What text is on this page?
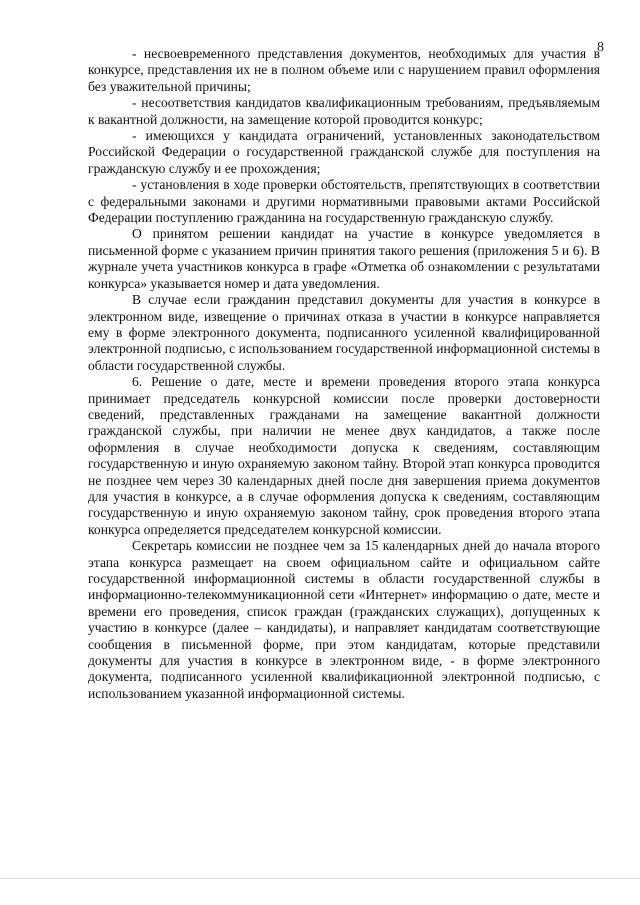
8

- несвоевременного представления документов, необходимых для участия в конкурсе, представления их не в полном объеме или с нарушением правил оформления без уважительной причины;

- несоответствия кандидатов квалификационным требованиям, предъявляемым к вакантной должности, на замещение которой проводится конкурс;

- имеющихся у кандидата ограничений, установленных законодательством Российской Федерации о государственной гражданской службе для поступления на гражданскую службу и ее прохождения;

- установления в ходе проверки обстоятельств, препятствующих в соответствии с федеральными законами и другими нормативными правовыми актами Российской Федерации поступлению гражданина на государственную гражданскую службу.

О принятом решении кандидат на участие в конкурсе уведомляется в письменной форме с указанием причин принятия такого решения (приложения 5 и 6). В журнале учета участников конкурса в графе «Отметка об ознакомлении с результатами конкурса» указывается номер и дата уведомления.

В случае если гражданин представил документы для участия в конкурсе в электронном виде, извещение о причинах отказа в участии в конкурсе направляется ему в форме электронного документа, подписанного усиленной квалифицированной электронной подписью, с использованием государственной информационной системы в области государственной службы.

6. Решение о дате, месте и времени проведения второго этапа конкурса принимает председатель конкурсной комиссии после проверки достоверности сведений, представленных гражданами на замещение вакантной должности гражданской службы, при наличии не менее двух кандидатов, а также после оформления в случае необходимости допуска к сведениям, составляющим государственную и иную охраняемую законом тайну. Второй этап конкурса проводится не позднее чем через 30 календарных дней после дня завершения приема документов для участия в конкурсе, а в случае оформления допуска к сведениям, составляющим государственную и иную охраняемую законом тайну, срок проведения второго этапа конкурса определяется председателем конкурсной комиссии.

Секретарь комиссии не позднее чем за 15 календарных дней до начала второго этапа конкурса размещает на своем официальном сайте и официальном сайте государственной информационной системы в области государственной службы в информационно-телекоммуникационной сети «Интернет» информацию о дате, месте и времени его проведения, список граждан (гражданских служащих), допущенных к участию в конкурсе (далее – кандидаты), и направляет кандидатам соответствующие сообщения в письменной форме, при этом кандидатам, которые представили документы для участия в конкурсе в электронном виде, - в форме электронного документа, подписанного усиленной квалификационной электронной подписью, с использованием указанной информационной системы.
